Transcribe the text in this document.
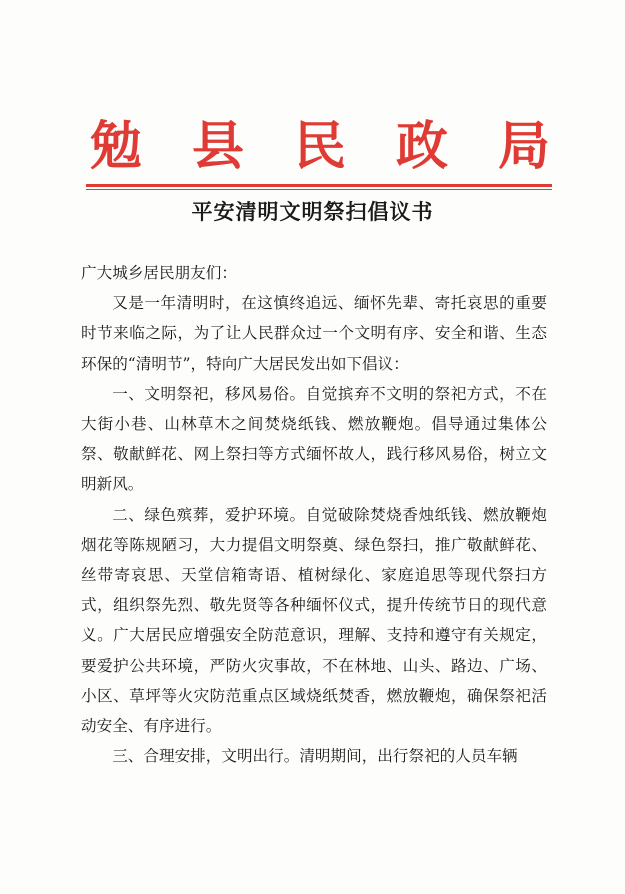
勉 县 民 政 局
平安清明文明祭扫倡议书

广大城乡居民朋友们：

又是一年清明时，在这慎终追远、缅怀先辈、寄托哀思的重要时节来临之际，为了让人民群众过一个文明有序、安全和谐、生态环保的“清明节”，特向广大居民发出如下倡议：

一、文明祭祀，移风易俗。自觉摈弃不文明的祭祀方式，不在大街小巷、山林草木之间焚烧纸钱、燃放鞭炮。倡导通过集体公祭、敬献鲜花、网上祭扫等方式缅怀故人，践行移风易俗，树立文明新风。

二、绿色殡葬，爱护环境。自觉破除焚烧香烛纸钱、燃放鞭炮烟花等陈规陋习，大力提倡文明祭奠、绿色祭扫，推广敬献鲜花、丝带寄哀思、天堂信箱寄语、植树绿化、家庭追思等现代祭扫方式，组织祭先烈、敬先贤等各种缅怀仪式，提升传统节日的现代意义。广大居民应增强安全防范意识，理解、支持和遵守有关规定，要爱护公共环境，严防火灾事故，不在林地、山头、路边、广场、小区、草坪等火灾防范重点区域烧纸焚香，燃放鞭炮，确保祭祀活动安全、有序进行。

三、合理安排，文明出行。清明期间，出行祭祀的人员车辆
